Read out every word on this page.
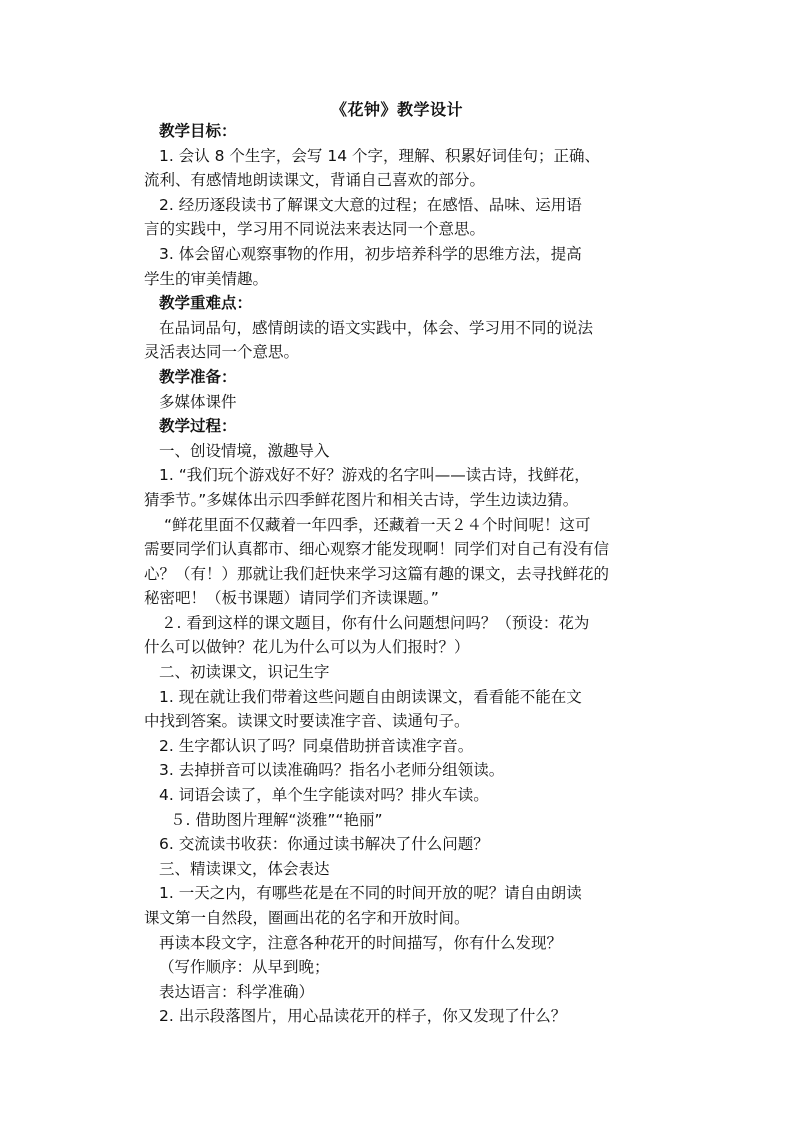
《花钟》教学设计
教学目标：
1. 会认 8 个生字，会写 14 个字，理解、积累好词佳句；正确、
流利、有感情地朗读课文，背诵自己喜欢的部分。
2. 经历逐段读书了解课文大意的过程；在感悟、品味、运用语
言的实践中，学习用不同说法来表达同一个意思。
3. 体会留心观察事物的作用，初步培养科学的思维方法，提高
学生的审美情趣。
教学重难点：
在品词品句，感情朗读的语文实践中，体会、学习用不同的说法
灵活表达同一个意思。
教学准备：
多媒体课件
教学过程：
一、创设情境，激趣导入
1. “我们玩个游戏好不好？游戏的名字叫——读古诗，找鲜花，
猜季节。”多媒体出示四季鲜花图片和相关古诗，学生边读边猜。
“鲜花里面不仅藏着一年四季，还藏着一天２４个时间呢！这可
需要同学们认真都市、细心观察才能发现啊！同学们对自己有没有信
心？（有！）那就让我们赶快来学习这篇有趣的课文，去寻找鲜花的
秘密吧！（板书课题）请同学们齐读课题。”
２. 看到这样的课文题目，你有什么问题想问吗？（预设：花为
什么可以做钟？花儿为什么可以为人们报时？）
二、初读课文，识记生字
1. 现在就让我们带着这些问题自由朗读课文，看看能不能在文
中找到答案。读课文时要读准字音、读通句子。
2. 生字都认识了吗？同桌借助拼音读准字音。
3. 去掉拼音可以读准确吗？指名小老师分组领读。
4. 词语会读了，单个生字能读对吗？排火车读。
５. 借助图片理解“淡雅”“艳丽”
6. 交流读书收获：你通过读书解决了什么问题？
三、精读课文，体会表达
1. 一天之内，有哪些花是在不同的时间开放的呢？请自由朗读
课文第一自然段，圈画出花的名字和开放时间。
再读本段文字，注意各种花开的时间描写，你有什么发现？
（写作顺序：从早到晚；
表达语言：科学准确）
2. 出示段落图片，用心品读花开的样子，你又发现了什么？
